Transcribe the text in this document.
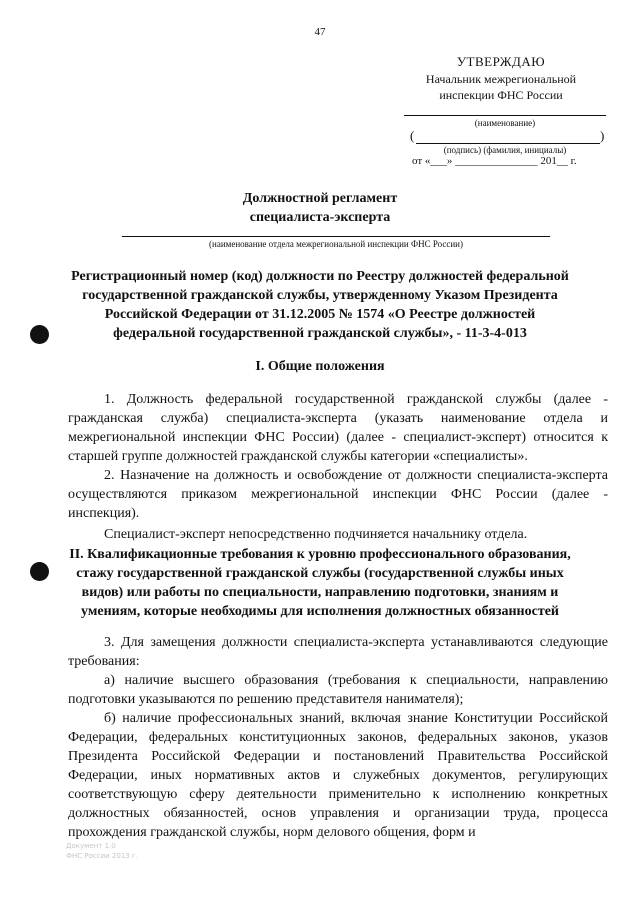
47
УТВЕРЖДАЮ
Начальник межрегиональной
инспекции ФНС России
(наименование)
(	)
(подпись) (фамилия, инициалы)
от «___» _______________ 201__ г.
Должностной регламент
специалиста-эксперта
(наименование отдела межрегиональной инспекции ФНС России)
Регистрационный номер (код) должности по Реестру должностей федеральной государственной гражданской службы, утвержденному Указом Президента Российской Федерации от 31.12.2005 № 1574 «О Реестре должностей федеральной государственной гражданской службы», - 11-3-4-013
I. Общие положения

1. Должность федеральной государственной гражданской службы (далее - гражданская служба) специалиста-эксперта (указать наименование отдела и межрегиональной инспекции ФНС России) (далее - специалист-эксперт) относится к старшей группе должностей гражданской службы категории «специалисты».

2. Назначение на должность и освобождение от должности специалиста-эксперта осуществляются приказом межрегиональной инспекции ФНС России (далее - инспекция).

Специалист-эксперт непосредственно подчиняется начальнику отдела.

II. Квалификационные требования к уровню профессионального образования, стажу государственной гражданской службы (государственной службы иных видов) или работы по специальности, направлению подготовки, знаниям и умениям, которые необходимы для исполнения должностных обязанностей

3. Для замещения должности специалиста-эксперта устанавливаются следующие требования:

а) наличие высшего образования (требования к специальности, направлению подготовки указываются по решению представителя нанимателя);

б) наличие профессиональных знаний, включая знание Конституции Российской Федерации, федеральных конституционных законов, федеральных законов, указов Президента Российской Федерации и постановлений Правительства Российской Федерации, иных нормативных актов и служебных документов, регулирующих соответствующую сферу деятельности применительно к исполнению конкретных должностных обязанностей, основ управления и организации труда, процесса прохождения гражданской службы, норм делового общения, форм и

Документ 1.0
ФНС России 2013 г.
